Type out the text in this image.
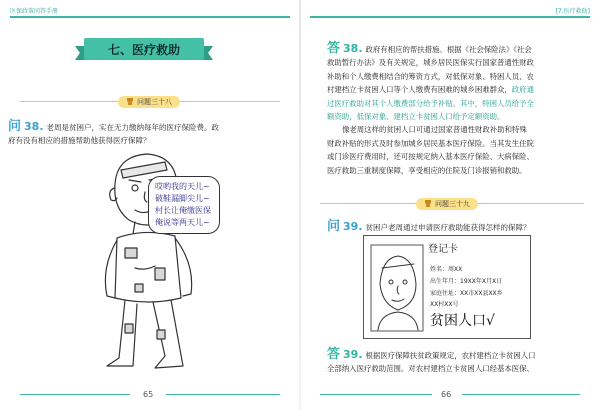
医保政策问答手册	[7.医疗救助]
七、医疗救助
问题三十八
问 38. 老周是贫困户，实在无力缴纳每年的医疗保险费。政
府有没有相应的措施帮助他获得医疗保障？
哎哟我的天儿~
破鞋漏脚尖儿~
村长让俺缴医保
俺说等两天儿~
65
答 38. 政府有相应的帮扶措施。根据《社会保险法》《社会
救助暂行办法》及有关规定，城乡居民医保实行国家普通性财政
补助和个人缴费相结合的筹资方式，对低保对象、特困人员、农
村建档立卡贫困人口等个人缴费有困难的城乡困难群众，政府通
过医疗救助对其个人缴费部分给予补贴。其中，特困人员给予全
额资助，低保对象、建档立卡贫困人口给予定额资助。
像老周这样的贫困人口可通过国家普通性财政补助和特殊
财政补贴的形式及时参加城乡居民基本医疗保险。当其发生住院
或门诊医疗费用时，还可按规定纳入基本医疗保险、大病保险、
医疗救助三重制度保障，享受相应的住院及门诊报销和救助。
问题三十九
问 39. 贫困户老周通过申请医疗救助能获得怎样的保障？
登记卡
姓名：周XX
出生年月：19XX年X月X日
家庭住址：XX市XX县XX乡
XX村XX号
贫困人口√
答 39. 根据医疗保障扶贫政策规定，农村建档立卡贫困人口
全部纳入医疗救助范围。对农村建档立卡贫困人口经基本医保、
66
